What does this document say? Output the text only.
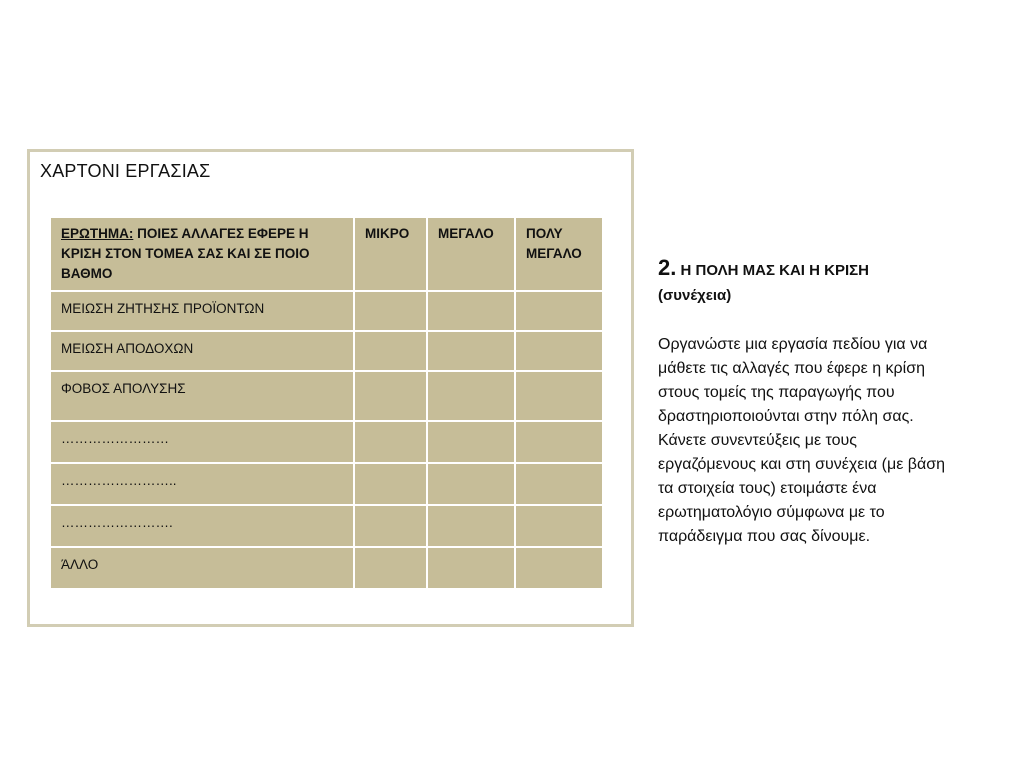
ΧΑΡΤΟΝΙ ΕΡΓΑΣΙΑΣ
ΕΡΩΤΗΜΑ: ΠΟΙΕΣ ΑΛΛΑΓΕΣ ΕΦΕΡΕ Η ΚΡΙΣΗ ΣΤΟΝ ΤΟΜΕΑ ΣΑΣ ΚΑΙ ΣΕ ΠΟΙΟ ΒΑΘΜΟ	ΜΙΚΡΟ	ΜΕΓΑΛΟ	ΠΟΛΥ ΜΕΓΑΛΟ
ΜΕΙΩΣΗ ΖΗΤΗΣΗΣ ΠΡΟΪΟΝΤΩΝ			
ΜΕΙΩΣΗ ΑΠΟΔΟΧΩΝ			
ΦΟΒΟΣ ΑΠΟΛΥΣΗΣ			
……………………			
……………………..			
…………………….			
ΆΛΛΟ			
2. Η ΠΟΛΗ ΜΑΣ ΚΑΙ Η ΚΡΙΣΗ
(συνέχεια)
Οργανώστε μια εργασία πεδίου για να
μάθετε τις αλλαγές που έφερε η κρίση
στους τομείς της παραγωγής που
δραστηριοποιούνται στην πόλη σας.
Κάνετε συνεντεύξεις με τους
εργαζόμενους και στη συνέχεια (με βάση
τα στοιχεία τους) ετοιμάστε ένα
ερωτηματολόγιο σύμφωνα με το
παράδειγμα που σας δίνουμε.
